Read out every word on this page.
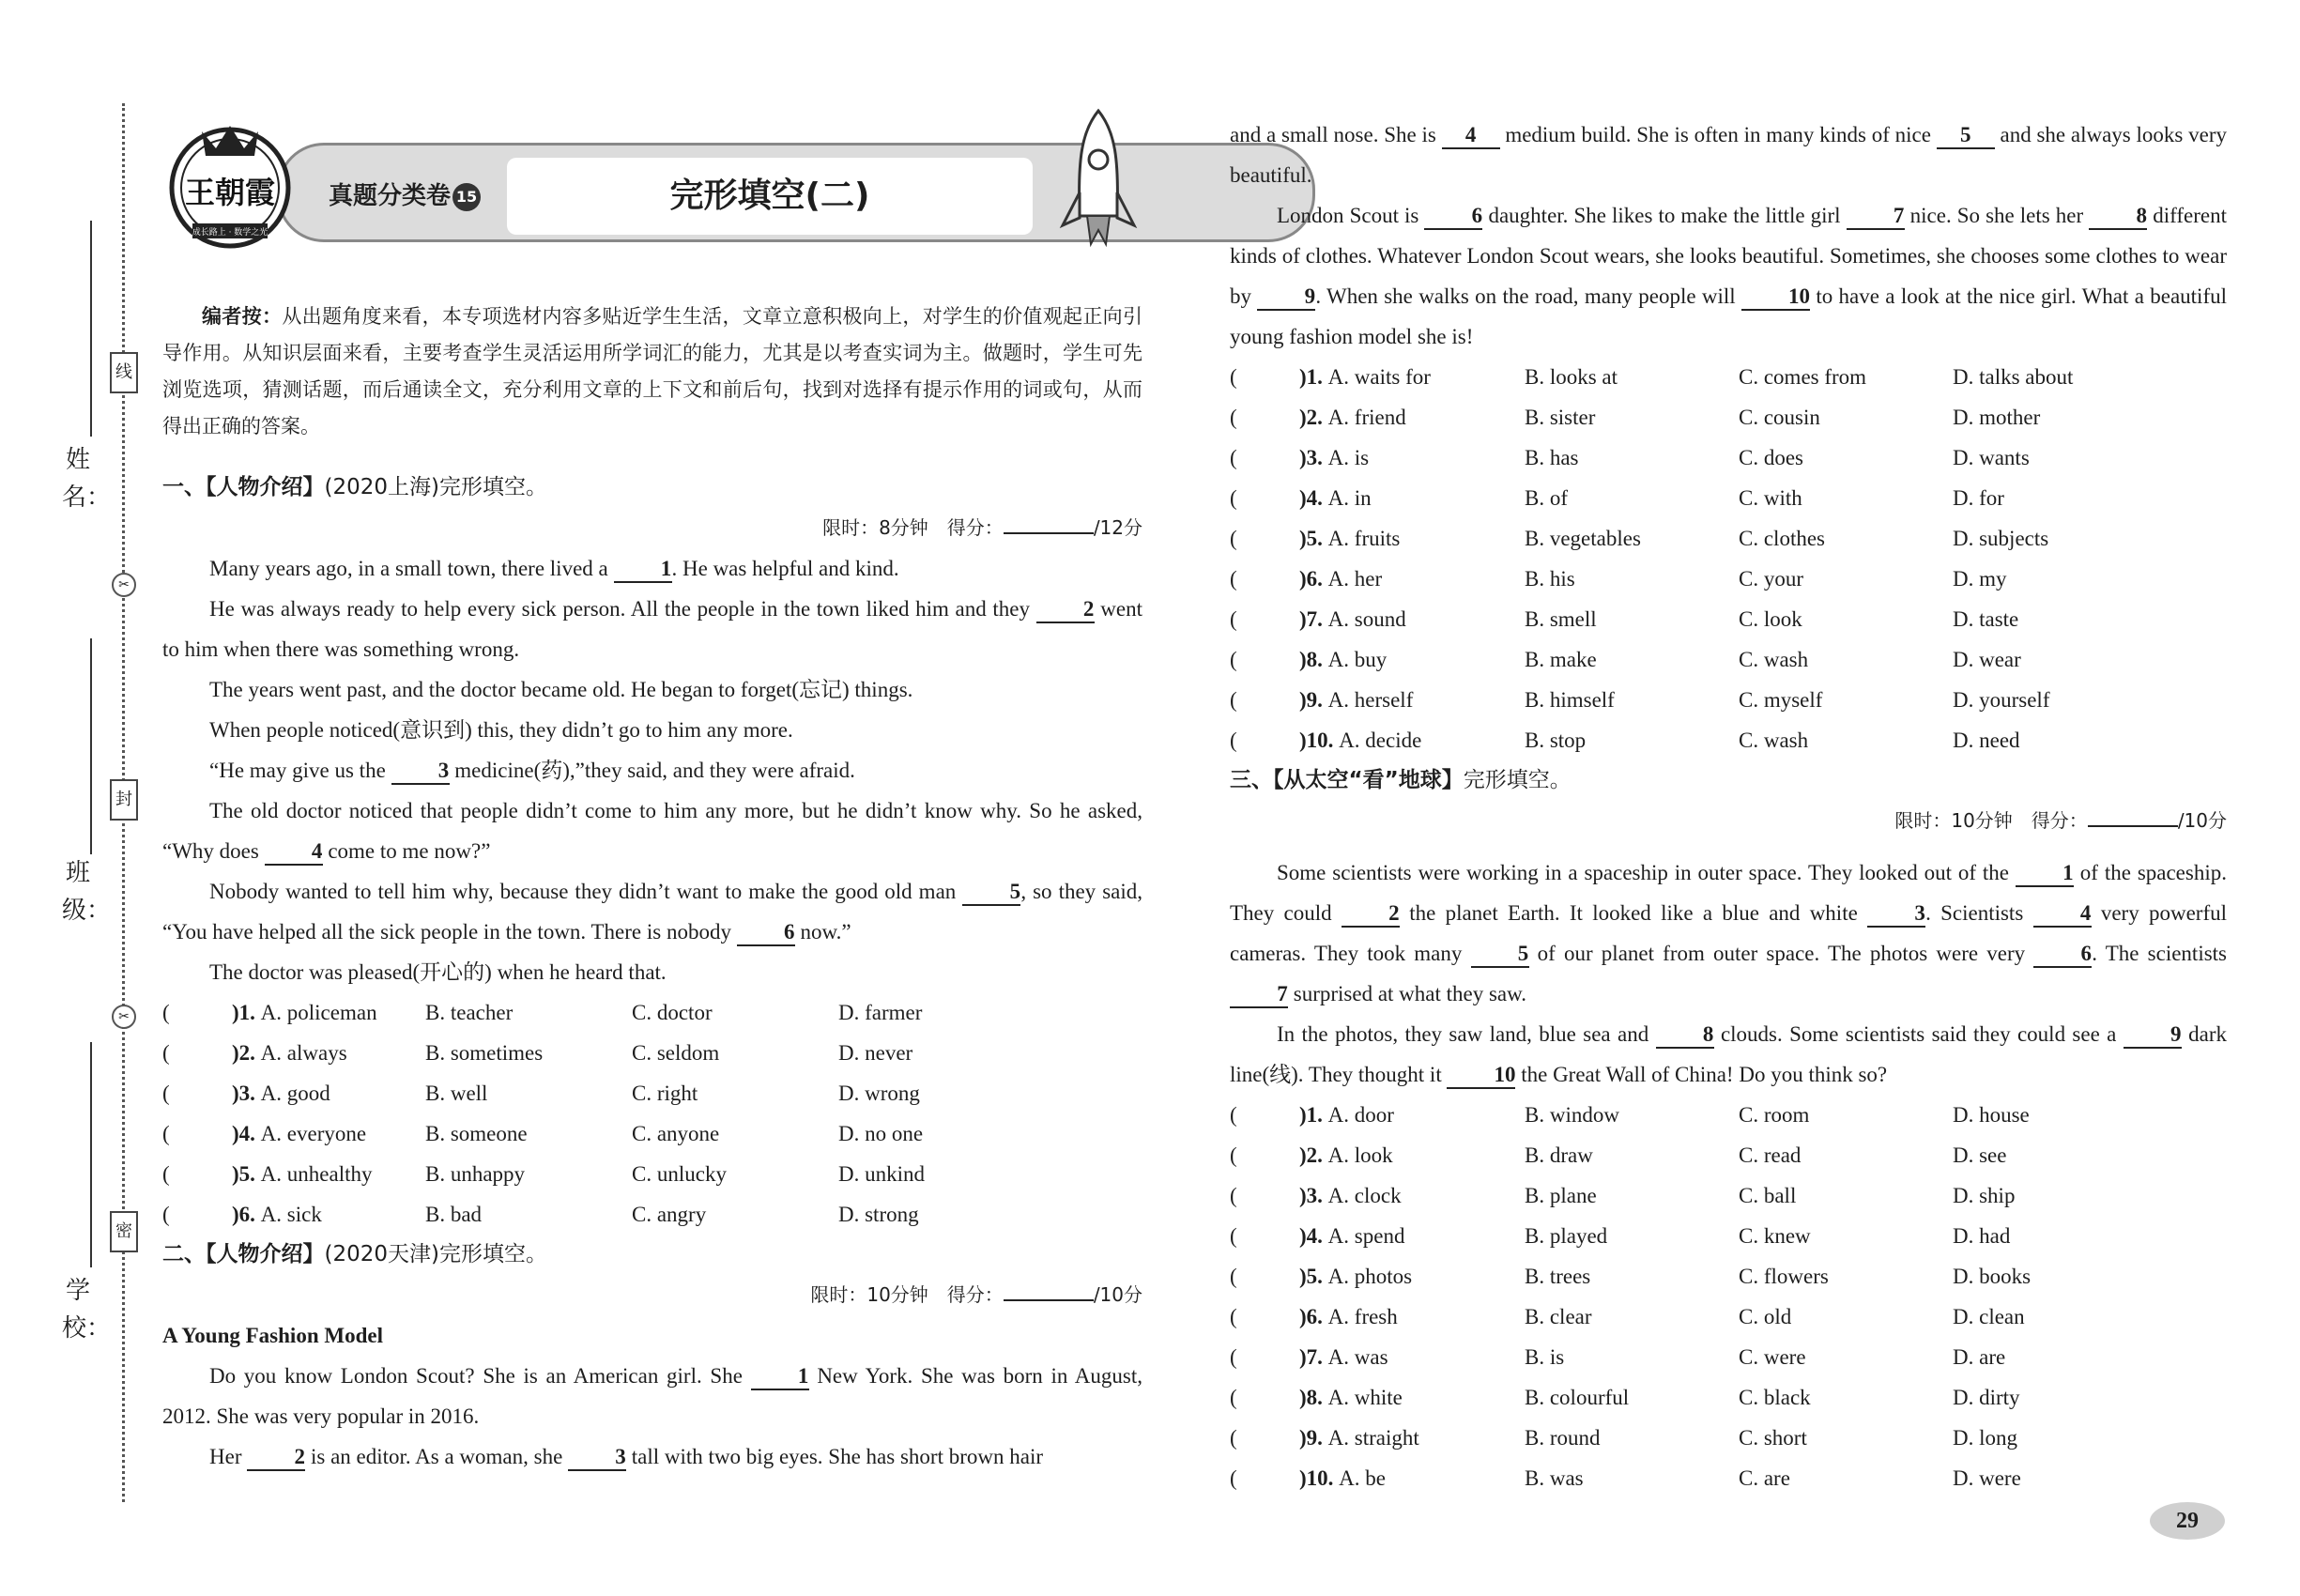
姓　名：
班　级：
学　校：
线
封
密
✂
✂
王朝霞
成长路上 · 数学之光
真题分类卷 15	完形填空(二)
编者按：从出题角度来看，本专项选材内容多贴近学生生活，文章立意积极向上，对学生的价值观起正向引导作用。从知识层面来看，主要考查学生灵活运用所学词汇的能力，尤其是以考查实词为主。做题时，学生可先浏览选项，猜测话题，而后通读全文，充分利用文章的上下文和前后句，找到对选择有提示作用的词或句，从而得出正确的答案。
一、【人物介绍】(2020上海)完形填空。
限时：8分钟　得分：	/12分

Many years ago, in a small town, there lived a 1. He was helpful and kind.

He was always ready to help every sick person. All the people in the town liked him and they 2 went to him when there was something wrong.

The years went past, and the doctor became old. He began to forget(忘记) things.

When people noticed(意识到) this, they didn’t go to him any more.

“He may give us the 3 medicine(药),”they said, and they were afraid.

The old doctor noticed that people didn’t come to him any more, but he didn’t know why. So he asked, “Why does 4 come to me now?”

Nobody wanted to tell him why, because they didn’t want to make the good old man 5, so they said, “You have helped all the sick people in the town. There is nobody 6 now.”

The doctor was pleased(开心的) when he heard that.

(	)1. A. policeman	B. teacher	C. doctor	D. farmer
(	)2. A. always	B. sometimes	C. seldom	D. never
(	)3. A. good	B. well	C. right	D. wrong
(	)4. A. everyone	B. someone	C. anyone	D. no one
(	)5. A. unhealthy	B. unhappy	C. unlucky	D. unkind
(	)6. A. sick	B. bad	C. angry	D. strong
二、【人物介绍】(2020天津)完形填空。
限时：10分钟　得分：	/10分

A Young Fashion Model

Do you know London Scout? She is an American girl. She 1 New York. She was born in August, 2012. She was very popular in 2016.

Her 2 is an editor. As a woman, she 3 tall with two big eyes. She has short brown hair

and a small nose. She is 4 medium build. She is often in many kinds of nice 5 and she always looks very beautiful.

London Scout is 6 daughter. She likes to make the little girl 7 nice. So she lets her 8 different kinds of clothes. Whatever London Scout wears, she looks beautiful. Sometimes, she chooses some clothes to wear by 9. When she walks on the road, many people will 10 to have a look at the nice girl. What a beautiful young fashion model she is!

(	)1. A. waits for	B. looks at	C. comes from	D. talks about
(	)2. A. friend	B. sister	C. cousin	D. mother
(	)3. A. is	B. has	C. does	D. wants
(	)4. A. in	B. of	C. with	D. for
(	)5. A. fruits	B. vegetables	C. clothes	D. subjects
(	)6. A. her	B. his	C. your	D. my
(	)7. A. sound	B. smell	C. look	D. taste
(	)8. A. buy	B. make	C. wash	D. wear
(	)9. A. herself	B. himself	C. myself	D. yourself
(	)10. A. decide	B. stop	C. wash	D. need
三、【从太空“看”地球】完形填空。
限时：10分钟　得分：	/10分

Some scientists were working in a spaceship in outer space. They looked out of the 1 of the spaceship. They could 2 the planet Earth. It looked like a blue and white 3. Scientists 4 very powerful cameras. They took many 5 of our planet from outer space. The photos were very 6. The scientists 7 surprised at what they saw.

In the photos, they saw land, blue sea and 8 clouds. Some scientists said they could see a 9 dark line(线). They thought it 10 the Great Wall of China! Do you think so?

(	)1. A. door	B. window	C. room	D. house
(	)2. A. look	B. draw	C. read	D. see
(	)3. A. clock	B. plane	C. ball	D. ship
(	)4. A. spend	B. played	C. knew	D. had
(	)5. A. photos	B. trees	C. flowers	D. books
(	)6. A. fresh	B. clear	C. old	D. clean
(	)7. A. was	B. is	C. were	D. are
(	)8. A. white	B. colourful	C. black	D. dirty
(	)9. A. straight	B. round	C. short	D. long
(	)10. A. be	B. was	C. are	D. were
29
